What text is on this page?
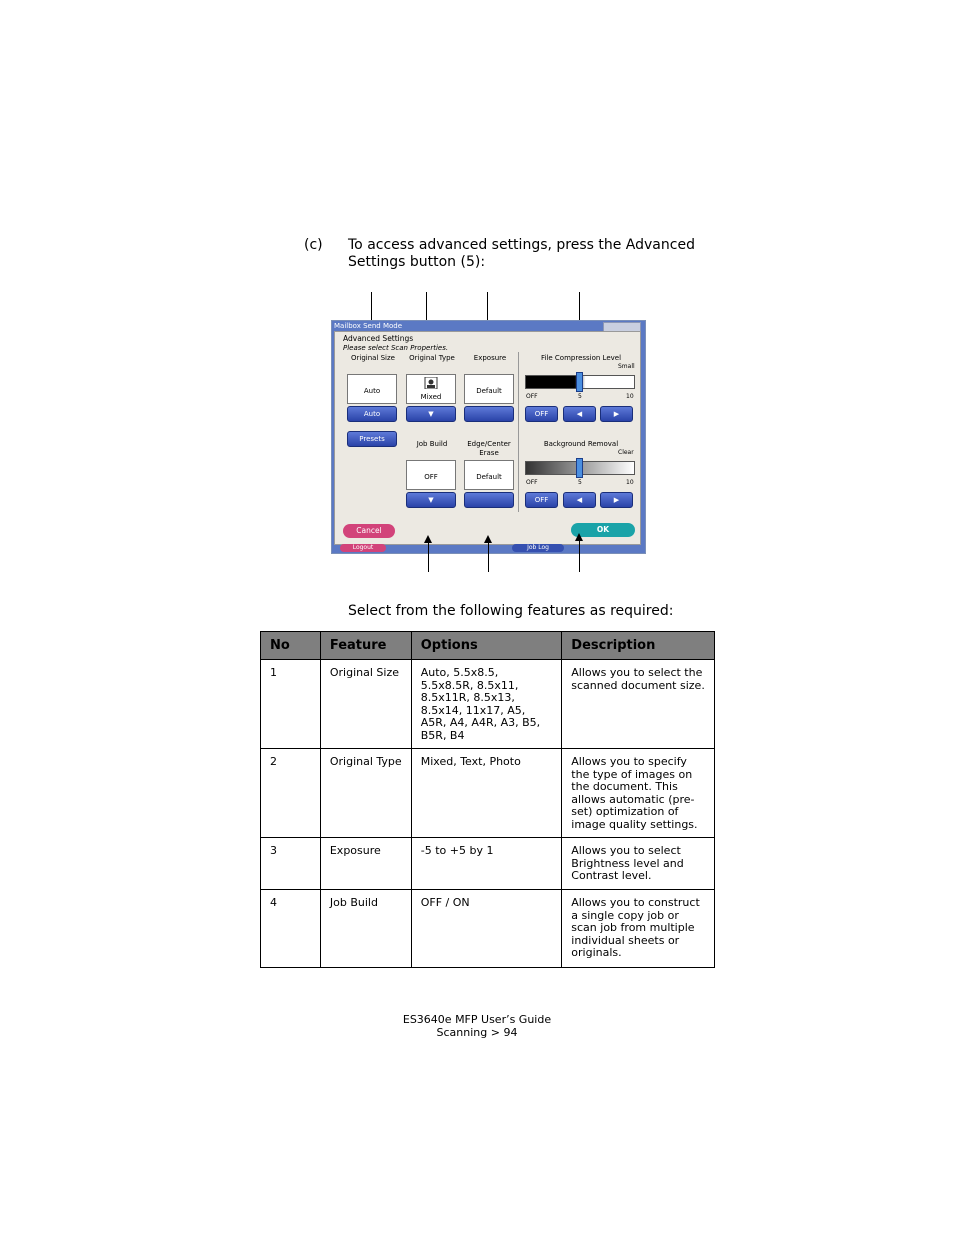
(c) To access advanced settings, press the Advanced Settings button (5):
Mailbox Send Mode
Advanced Settings
Please select Scan Properties.
Original Size
Auto
Auto
Presets
Original Type
Mixed
▼
Exposure
Default
Job Build
OFF
▼
Edge/Center Erase
Default
File Compression Level
Small
OFF	5	10
OFF	◀	▶
Background Removal
Clear
OFF	5	10
OFF	◀	▶
Cancel	OK
Logout	Job Log
Select from the following features as required:
No	Feature	Options	Description
1	Original Size	Auto, 5.5x8.5, 5.5x8.5R, 8.5x11, 8.5x11R, 8.5x13, 8.5x14, 11x17, A5, A5R, A4, A4R, A3, B5, B5R, B4	Allows you to select the scanned document size.
2	Original Type	Mixed, Text, Photo	Allows you to specify the type of images on the document. This allows automatic (pre-set) optimization of image quality settings.
3	Exposure	-5 to +5 by 1	Allows you to select Brightness level and Contrast level.
4	Job Build	OFF / ON	Allows you to construct a single copy job or scan job from multiple individual sheets or originals.
ES3640e MFP User’s Guide
Scanning > 94
